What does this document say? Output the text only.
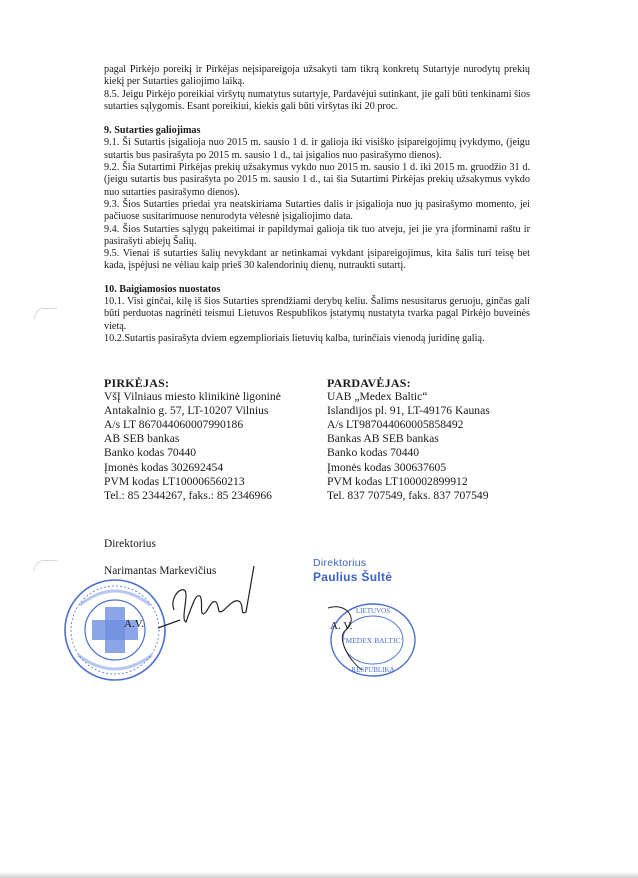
pagal Pirkėjo poreikį ir Pirkėjas neįsipareigoja užsakyti tam tikrą konkretų Sutartyje nurodytų prekių kiekį per Sutarties galiojimo laiką.

8.5. Jeigu Pirkėjo poreikiai viršytų numatytus sutartyje, Pardavėjui sutinkant, jie gali būti tenkinami šios sutarties sąlygomis. Esant poreikiui, kiekis gali būti viršytas iki 20 proc.

9. Sutarties galiojimas

9.1. Ši Sutartis įsigalioja nuo 2015 m. sausio 1 d. ir galioja iki visiško įsipareigojimų įvykdymo, (jeigu sutartis bus pasirašyta po 2015 m. sausio 1 d., tai įsigalios nuo pasirašymo dienos).

9.2. Šia Sutartimi Pirkėjas prekių užsakymus vykdo nuo 2015 m. sausio 1 d. iki 2015 m. gruodžio 31 d. (jeigu sutartis bus pasirašyta po 2015 m. sausio 1 d., tai šia Sutartimi Pirkėjas prekių užsakymus vykdo nuo sutarties pasirašymo dienos).

9.3. Šios Sutarties priedai yra neatskiriama Sutarties dalis ir įsigalioja nuo jų pasirašymo momento, jei pačiuose susitarimuose nenurodyta vėlesnė įsigaliojimo data.

9.4. Šios Sutarties sąlygų pakeitimai ir papildymai galioja tik tuo atveju, jei jie yra įforminami raštu ir pasirašyti abiejų Šalių.

9.5. Vienai iš sutarties šalių nevykdant ar netinkamai vykdant įsipareigojimus, kita šalis turi teisę bet kada, įspėjusi ne vėliau kaip prieš 30 kalendorinių dienų, nutraukti sutartį.

10. Baigiamosios nuostatos

10.1. Visi ginčai, kilę iš šios Sutarties sprendžiami derybų keliu. Šalims nesusitarus geruoju, ginčas gali būti perduotas nagrinėti teismui Lietuvos Respublikos įstatymų nustatyta tvarka pagal Pirkėjo buveinės vietą.

10.2.Sutartis pasirašyta dviem egzemplioriais lietuvių kalba, turinčiais vienodą juridinę galią.

PIRKĖJAS:
VšĮ Vilniaus miesto klinikinė ligoninė
Antakalnio g. 57, LT-10207 Vilnius
A/s LT 867044060007990186
AB SEB bankas
Banko kodas 70440
Įmonės kodas 302692454
PVM kodas LT100006560213
Tel.: 85 2344267, faks.: 85 2346966
PARDAVĖJAS:
UAB „Medex Baltic“
Islandijos pl. 91, LT-49176 Kaunas
A/s LT987044060005858492
Bankas AB SEB bankas
Banko kodas 70440
Įmonės kodas 300637605
PVM kodas LT100002899912
Tel. 837 707549, faks. 837 707549
Direktorius
Narimantas Markevičius
A.V.
Direktorius
Paulius Šultė
LIETUVOS
"MEDEX BALTIC"
RESPUBLIKA
A. V.
